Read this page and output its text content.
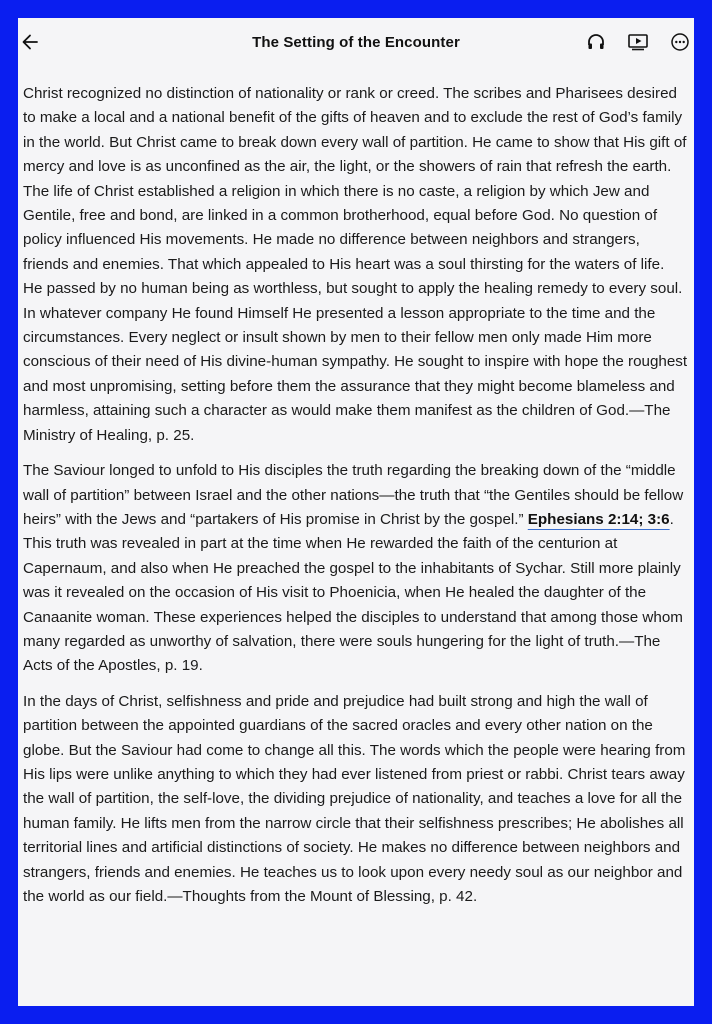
The Setting of the Encounter

Christ recognized no distinction of nationality or rank or creed. The scribes and Pharisees desired to make a local and a national benefit of the gifts of heaven and to exclude the rest of God’s family in the world. But Christ came to break down every wall of partition. He came to show that His gift of mercy and love is as unconfined as the air, the light, or the showers of rain that refresh the earth.

The life of Christ established a religion in which there is no caste, a religion by which Jew and Gentile, free and bond, are linked in a common brotherhood, equal before God. No question of policy influenced His movements. He made no difference between neighbors and strangers, friends and enemies. That which appealed to His heart was a soul thirsting for the waters of life.

He passed by no human being as worthless, but sought to apply the healing remedy to every soul. In whatever company He found Himself He presented a lesson appropriate to the time and the circumstances. Every neglect or insult shown by men to their fellow men only made Him more conscious of their need of His divine-human sympathy. He sought to inspire with hope the roughest and most unpromising, setting before them the assurance that they might become blameless and harmless, attaining such a character as would make them manifest as the children of God.—The Ministry of Healing, p. 25.

The Saviour longed to unfold to His disciples the truth regarding the breaking down of the “middle wall of partition” between Israel and the other nations—the truth that “the Gentiles should be fellow heirs” with the Jews and “partakers of His promise in Christ by the gospel.” Ephesians 2:14; 3:6. This truth was revealed in part at the time when He rewarded the faith of the centurion at Capernaum, and also when He preached the gospel to the inhabitants of Sychar. Still more plainly was it revealed on the occasion of His visit to Phoenicia, when He healed the daughter of the Canaanite woman. These experiences helped the disciples to understand that among those whom many regarded as unworthy of salvation, there were souls hungering for the light of truth.—The Acts of the Apostles, p. 19.

In the days of Christ, selfishness and pride and prejudice had built strong and high the wall of partition between the appointed guardians of the sacred oracles and every other nation on the globe. But the Saviour had come to change all this. The words which the people were hearing from His lips were unlike anything to which they had ever listened from priest or rabbi. Christ tears away the wall of partition, the self-love, the dividing prejudice of nationality, and teaches a love for all the human family. He lifts men from the narrow circle that their selfishness prescribes; He abolishes all territorial lines and artificial distinctions of society. He makes no difference between neighbors and strangers, friends and enemies. He teaches us to look upon every needy soul as our neighbor and the world as our field.—Thoughts from the Mount of Blessing, p. 42.
